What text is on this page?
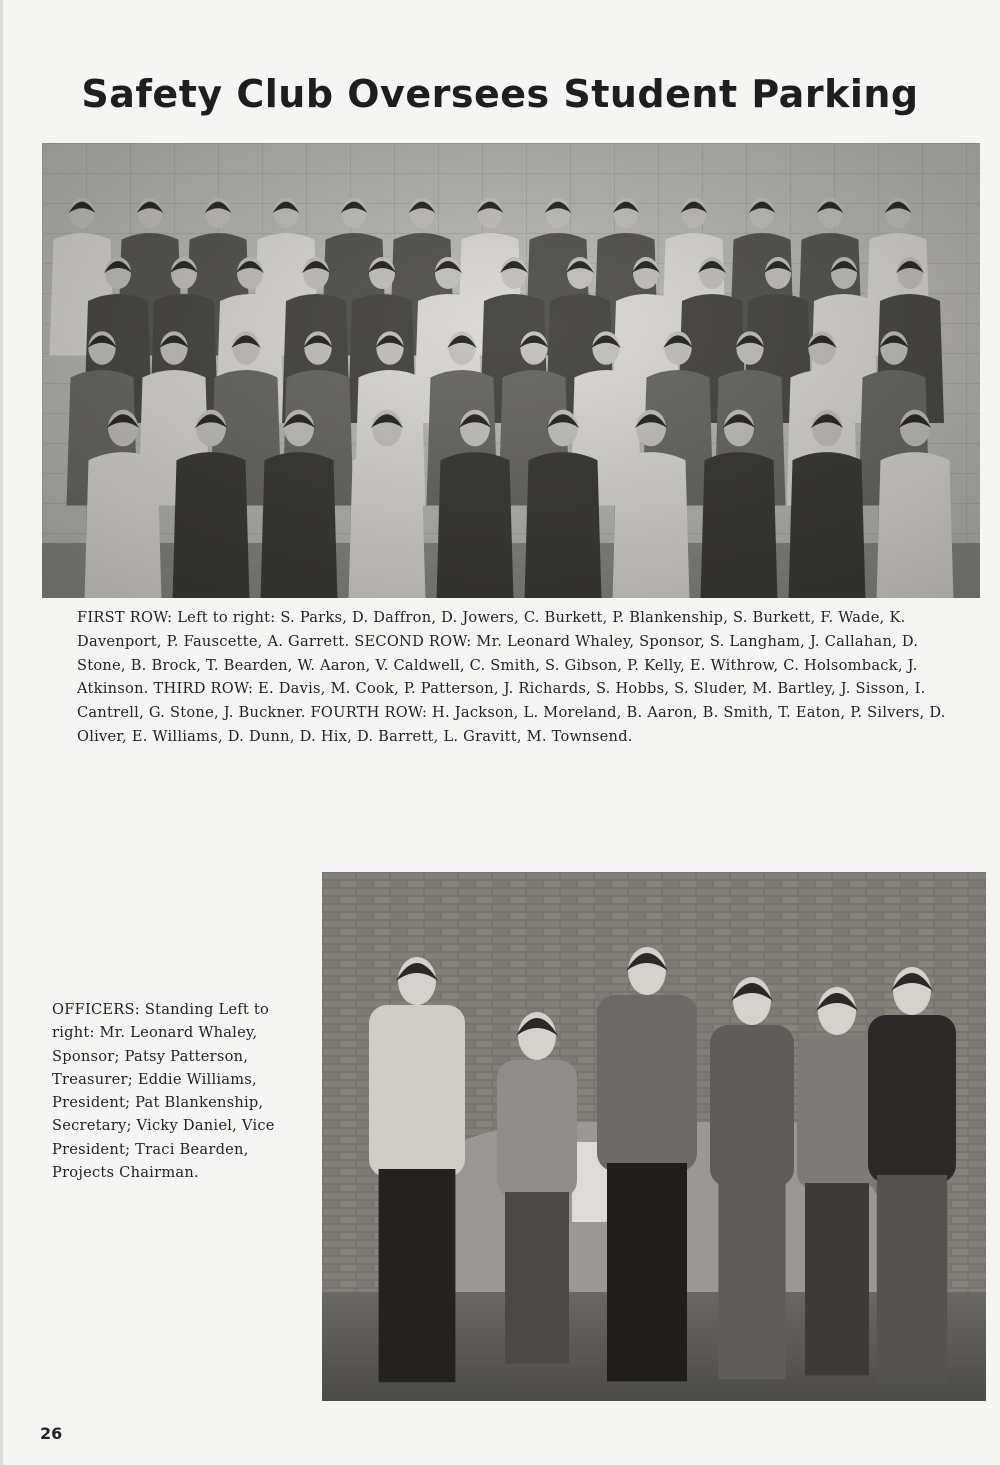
Safety Club Oversees Student Parking

FIRST ROW: Left to right: S. Parks, D. Daffron, D. Jowers, C. Burkett, P. Blankenship, S. Burkett, F. Wade, K. Davenport, P. Fauscette, A. Garrett. SECOND ROW: Mr. Leonard Whaley, Sponsor, S. Langham, J. Callahan, D. Stone, B. Brock, T. Bearden, W. Aaron, V. Caldwell, C. Smith, S. Gibson, P. Kelly, E. Withrow, C. Holsomback, J. Atkinson. THIRD ROW: E. Davis, M. Cook, P. Patterson, J. Richards, S. Hobbs, S. Sluder, M. Bartley, J. Sisson, I. Cantrell, G. Stone, J. Buckner. FOURTH ROW: H. Jackson, L. Moreland, B. Aaron, B. Smith, T. Eaton, P. Silvers, D. Oliver, E. Williams, D. Dunn, D. Hix, D. Barrett, L. Gravitt, M. Townsend.

OFFICERS: Standing Left to right: Mr. Leonard Whaley, Sponsor; Patsy Patterson, Treasurer; Eddie Williams, President; Pat Blankenship, Secretary; Vicky Daniel, Vice President; Traci Bearden, Projects Chairman.

26
